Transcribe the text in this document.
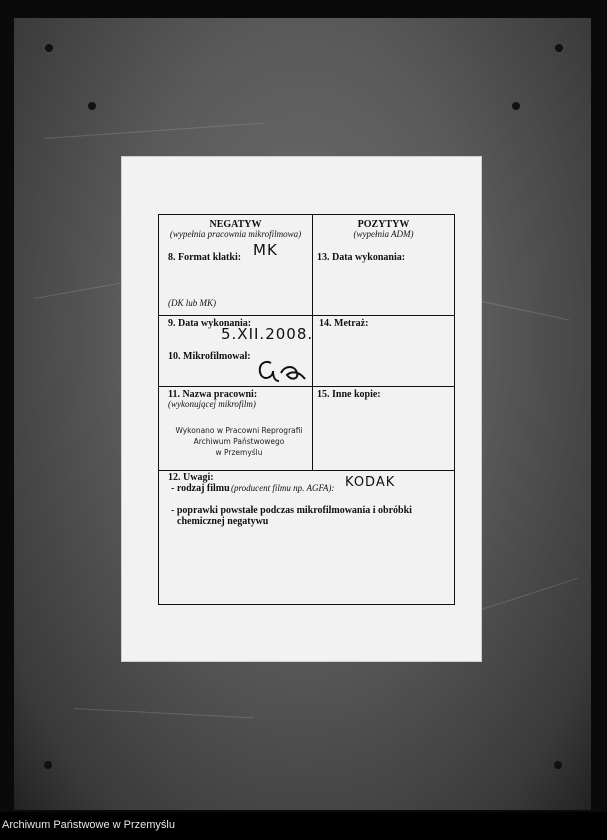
NEGATYW
(wypełnia pracownia mikrofilmowa)
8. Format klatki: MK
(DK lub MK)
POZYTYW
(wypełnia ADM)
13. Data wykonania:
9. Data wykonania:
5.XII.2008.
10. Mikrofilmował:
14. Metraż:
11. Nazwa pracowni:
(wykonującej mikrofilm)
Wykonano w Pracowni Reprografii
Archiwum Państwowego
w Przemyślu
15. Inne kopie:
12. Uwagi:
- rodzaj filmu (producent filmu np. AGFA): KODAK
- poprawki powstałe podczas mikrofilmowania i obróbki
chemicznej negatywu
Archiwum Państwowe w Przemyślu
